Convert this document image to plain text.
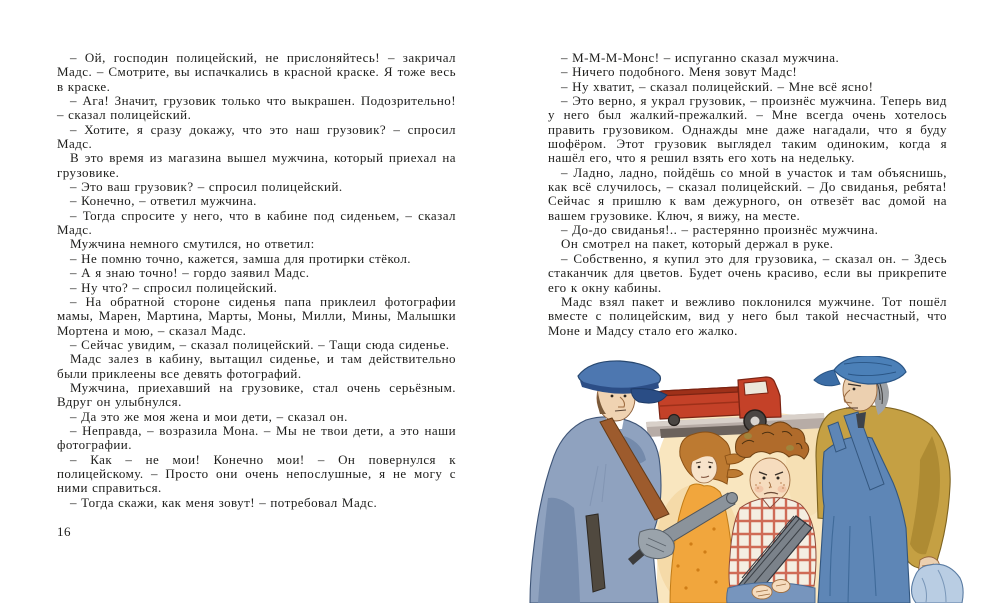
– Ой, господин полицейский, не прислоняйтесь! – закричал Мадс. – Смотрите, вы испачкались в красной краске. Я тоже весь в краске.

– Ага! Значит, грузовик только что выкрашен. Подозрительно! – сказал полицейский.

– Хотите, я сразу докажу, что это наш грузовик? – спросил Мадс.

В это время из магазина вышел мужчина, который приехал на грузовике.

– Это ваш грузовик? – спросил полицейский.

– Конечно, – ответил мужчина.

– Тогда спросите у него, что в кабине под сиденьем, – сказал Мадс.

Мужчина немного смутился, но ответил:

– Не помню точно, кажется, замша для протирки стёкол.

– А я знаю точно! – гордо заявил Мадс.

– Ну что? – спросил полицейский.

– На обратной стороне сиденья папа приклеил фотографии мамы, Марен, Мартина, Марты, Моны, Милли, Мины, Малышки Мортена и мою, – сказал Мадс.

– Сейчас увидим, – сказал полицейский. – Тащи сюда сиденье.

Мадс залез в кабину, вытащил сиденье, и там действительно были приклеены все девять фотографий.

Мужчина, приехавший на грузовике, стал очень серьёзным. Вдруг он улыбнулся.

– Да это же моя жена и мои дети, – сказал он.

– Неправда, – возразила Мона. – Мы не твои дети, а это наши фотографии.

– Как – не мои! Конечно мои! – Он повернулся к полицейскому. – Просто они очень непослушные, я не могу с ними справиться.

– Тогда скажи, как меня зовут! – потребовал Мадс.

16

– М-М-М-Монс! – испуганно сказал мужчина.

– Ничего подобного. Меня зовут Мадс!

– Ну хватит, – сказал полицейский. – Мне всё ясно!

– Это верно, я украл грузовик, – произнёс мужчина. Теперь вид у него был жалкий-прежалкий. – Мне всегда очень хотелось править грузовиком. Однажды мне даже нагадали, что я буду шофёром. Этот грузовик выглядел таким одиноким, когда я нашёл его, что я решил взять его хоть на недельку.

– Ладно, ладно, пойдёшь со мной в участок и там объяснишь, как всё случилось, – сказал полицейский. – До свиданья, ребята! Сейчас я пришлю к вам дежурного, он отвезёт вас домой на вашем грузовике. Ключ, я вижу, на месте.

– До-до свиданья!.. – растерянно произнёс мужчина.

Он смотрел на пакет, который держал в руке.

– Собственно, я купил это для грузовика, – сказал он. – Здесь стаканчик для цветов. Будет очень красиво, если вы прикрепите его к окну кабины.

Мадс взял пакет и вежливо поклонился мужчине. Тот пошёл вместе с полицейским, вид у него был такой несчастный, что Моне и Мадсу стало его жалко.
